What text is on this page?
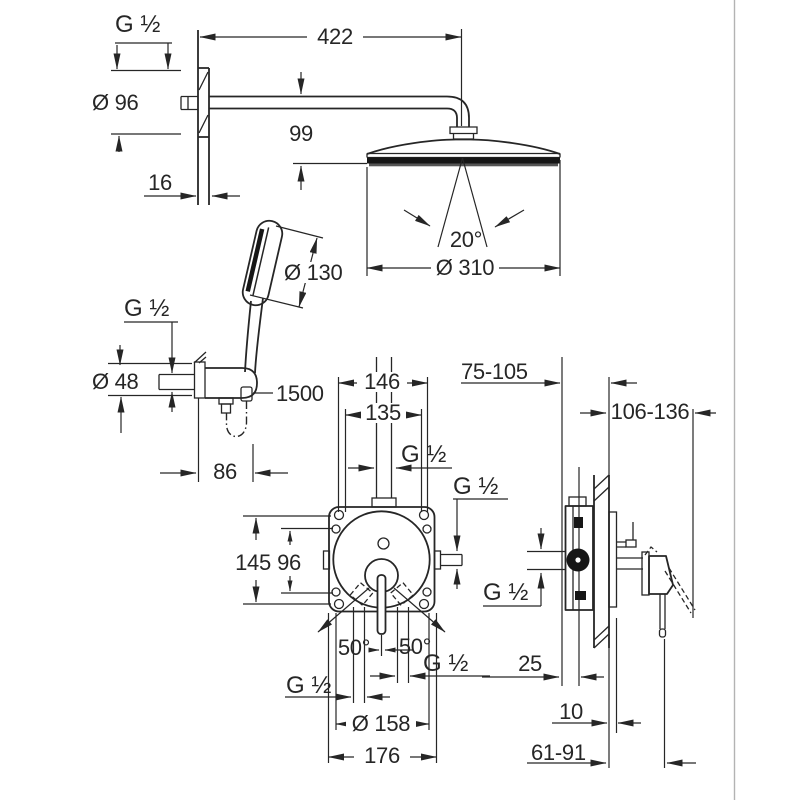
G ½
Ø 96
422
99
16
20°
Ø 310
Ø 130
G ½
Ø 48	1500
86
146
135
G ½
G ½
75-105
106-136
145 96
G ½
50° 50°
G ½
G ½
Ø 158
176
25
10
61-91
